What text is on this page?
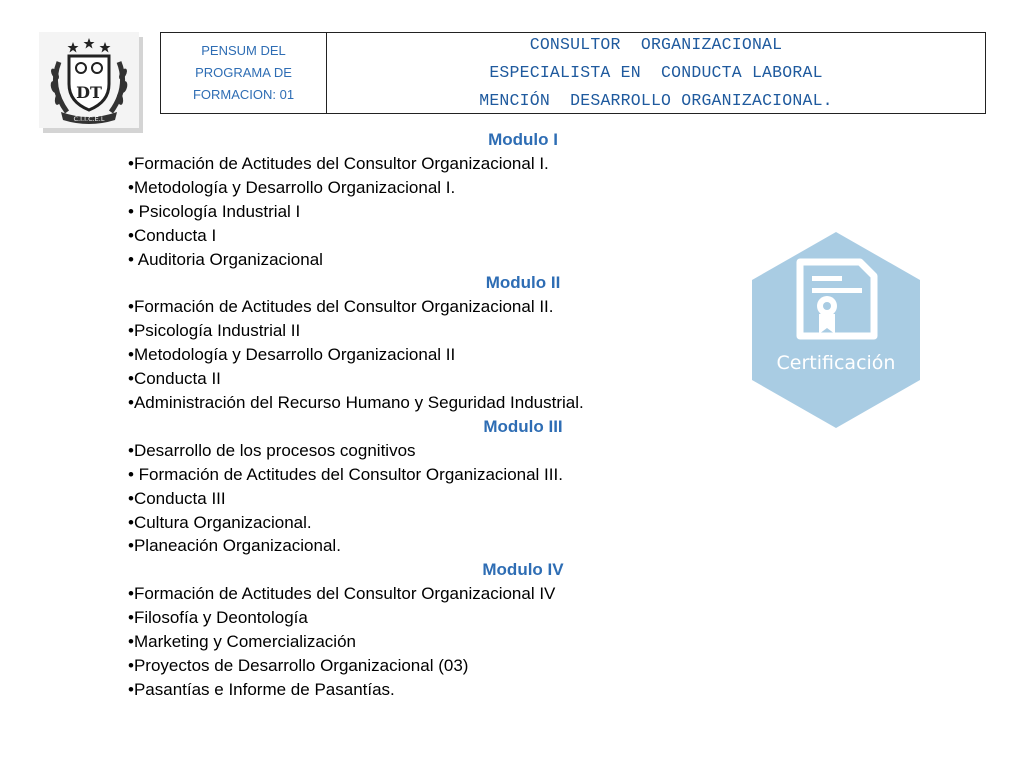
DT
C.I.I.C.E.L
PENSUM DEL
PROGRAMA DE
FORMACION: 01
CONSULTOR  ORGANIZACIONAL
ESPECIALISTA EN  CONDUCTA LABORAL
MENCIÓN  DESARROLLO ORGANIZACIONAL.
Modulo I
•Formación de Actitudes del Consultor Organizacional I.
•Metodología y Desarrollo Organizacional I.
• Psicología Industrial I
•Conducta I
• Auditoria Organizacional
Modulo II
•Formación de Actitudes del Consultor Organizacional II.
•Psicología Industrial II
•Metodología y Desarrollo Organizacional II
•Conducta II
•Administración del Recurso Humano y Seguridad Industrial.
Modulo III
•Desarrollo de los procesos cognitivos
• Formación de Actitudes del Consultor Organizacional III.
•Conducta III
•Cultura Organizacional.
•Planeación Organizacional.
Modulo IV
•Formación de Actitudes del Consultor Organizacional IV
•Filosofía y Deontología
•Marketing y Comercialización
•Proyectos de Desarrollo Organizacional (03)
•Pasantías e Informe de Pasantías.
Certificación
